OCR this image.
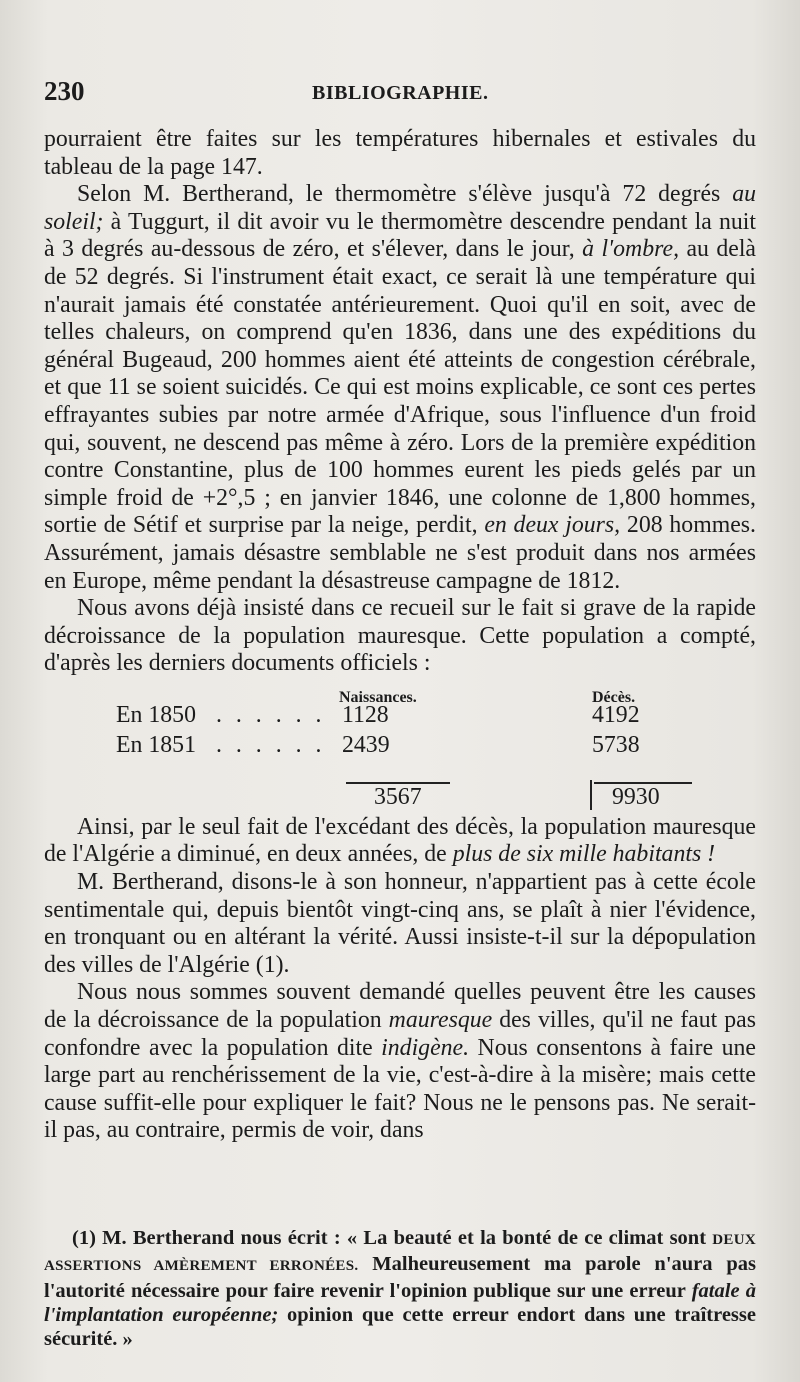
230	BIBLIOGRAPHIE.

pourraient être faites sur les températures hibernales et estivales du tableau de la page 147.

Selon M. Bertherand, le thermomètre s'élève jusqu'à 72 degrés au soleil; à Tuggurt, il dit avoir vu le thermomètre descendre pendant la nuit à 3 degrés au-dessous de zéro, et s'élever, dans le jour, à l'ombre, au delà de 52 degrés. Si l'instrument était exact, ce serait là une température qui n'aurait jamais été constatée antérieurement. Quoi qu'il en soit, avec de telles chaleurs, on comprend qu'en 1836, dans une des expéditions du général Bugeaud, 200 hommes aient été atteints de congestion cérébrale, et que 11 se soient suicidés. Ce qui est moins explicable, ce sont ces pertes effrayantes subies par notre armée d'Afrique, sous l'influence d'un froid qui, souvent, ne descend pas même à zéro. Lors de la première expédition contre Constantine, plus de 100 hommes eurent les pieds gelés par un simple froid de +2°,5 ; en janvier 1846, une colonne de 1,800 hommes, sortie de Sétif et surprise par la neige, perdit, en deux jours, 208 hommes. Assurément, jamais désastre semblable ne s'est produit dans nos armées en Europe, même pendant la désastreuse campagne de 1812.

Nous avons déjà insisté dans ce recueil sur le fait si grave de la rapide décroissance de la population mauresque. Cette population a compté, d'après les derniers documents officiels :

Naissances.	Décès.
En 1850 . . . . . . 1128	4192
En 1851 . . . . . . 2439	5738
3567	9930

Ainsi, par le seul fait de l'excédant des décès, la population mauresque de l'Algérie a diminué, en deux années, de plus de six mille habitants !

M. Bertherand, disons-le à son honneur, n'appartient pas à cette école sentimentale qui, depuis bientôt vingt-cinq ans, se plaît à nier l'évidence, en tronquant ou en altérant la vérité. Aussi insiste-t-il sur la dépopulation des villes de l'Algérie (1).

Nous nous sommes souvent demandé quelles peuvent être les causes de la décroissance de la population mauresque des villes, qu'il ne faut pas confondre avec la population dite indigène. Nous consentons à faire une large part au renchérissement de la vie, c'est-à-dire à la misère; mais cette cause suffit-elle pour expliquer le fait? Nous ne le pensons pas. Ne serait-il pas, au contraire, permis de voir, dans

(1) M. Bertherand nous écrit : « La beauté et la bonté de ce climat sont DEUX ASSERTIONS AMÈREMENT ERRONÉES. Malheureusement ma parole n'aura pas l'autorité nécessaire pour faire revenir l'opinion publique sur une erreur fatale à l'implantation européenne; opinion que cette erreur endort dans une traîtresse sécurité. »
